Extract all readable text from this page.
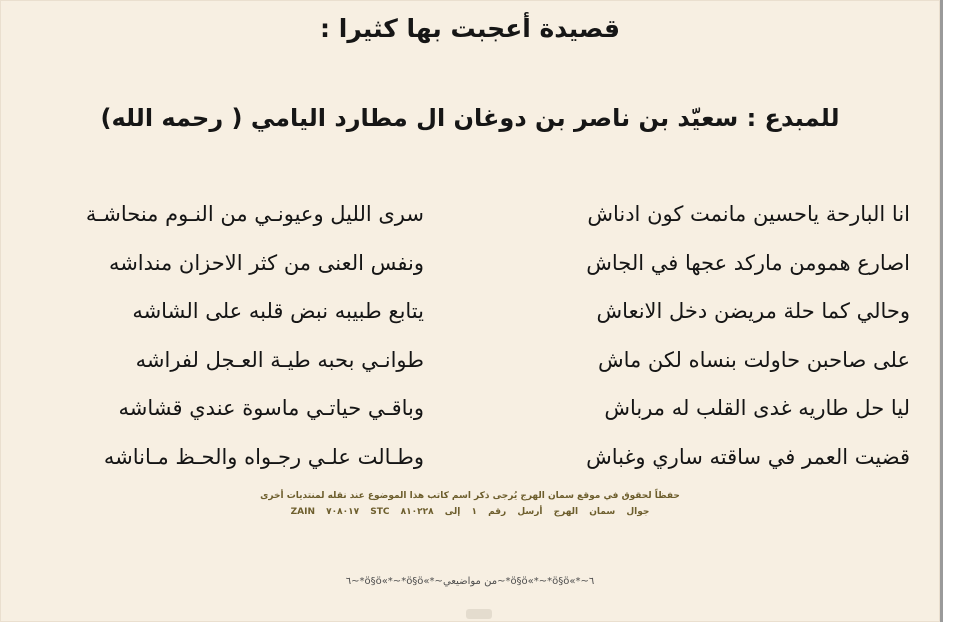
قصيدة أعجبت بها كثيرا :
للمبدع : سعيّد بن ناصر بن دوغان ال مطارد اليامي ( رحمه الله)
انا البارحة ياحسين مانمت كون ادناش
سرى الليل وعيونـي من النـوم منحاشـة
اصارع همومن مارکد عجها في الجاش
ونفس العنی من کثر الاحزان منداشه
وحالي كما حلة مريضن دخل الانعاش
يتابع طبيبه نبض قلبه علی الشاشه
علی صاحبن حاولت بنساه لكن ماش
طوانـي بحبه طيـة العـجل لفراشه
ليا حل طاريه غدى القلب له مرباش
وباقـي حياتـي ماسوة عندي قشاشه
قضيت العمر في ساقته ساري وغباش
وطـالت علـي رجـواه والحـظ مـاناشه
حفظاً لحقوق في موقع سمان الهرج يُرجى ذكر اسم كاتب هذا الموضوع عند نقله لمنتديات أخرى
جوال سمان الهرج أرسل رقم ١ إلى ٨١٠٢٢٨ STC ٧٠٨٠١٧ ZAIN
٦~*ö§ö«*~*ö§ö«*~من مواضيعي~*ö§ö«*~*ö§ö«*~٦
